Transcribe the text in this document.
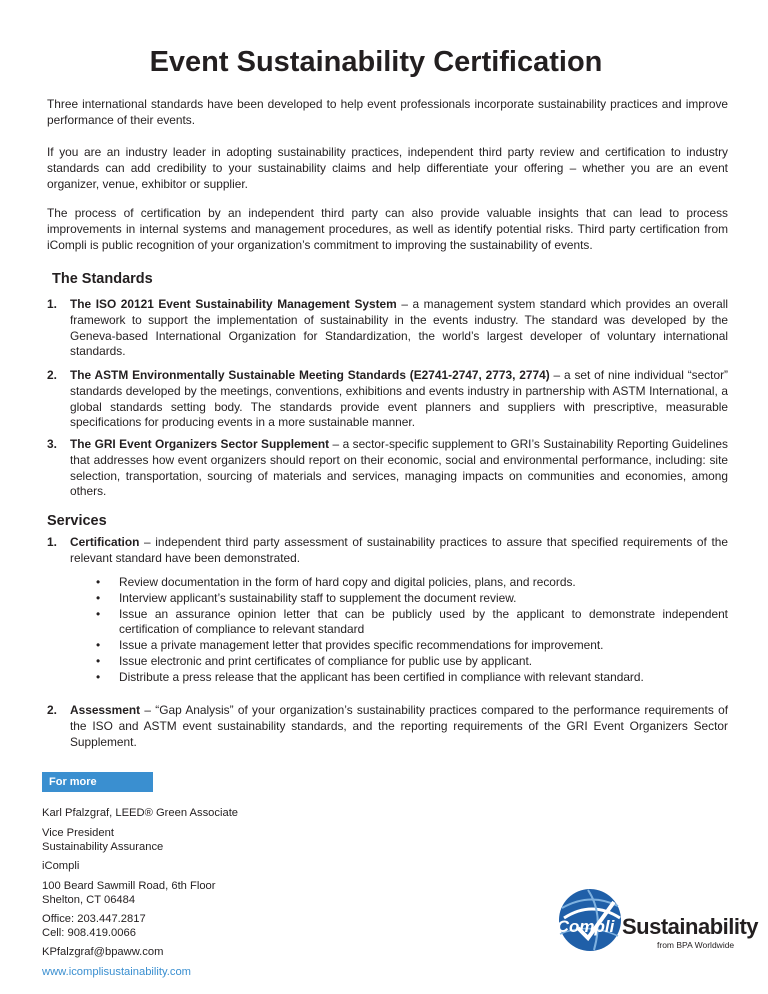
Event Sustainability Certification

Three international standards have been developed to help event professionals incorporate sustainability practices and improve performance of their events.

If you are an industry leader in adopting sustainability practices, independent third party review and certification to industry standards can add credibility to your sustainability claims and help differentiate your offering – whether you are an event organizer, venue, exhibitor or supplier.

The process of certification by an independent third party can also provide valuable insights that can lead to process improvements in internal systems and management procedures, as well as identify potential risks. Third party certification from iCompli is public recognition of your organization’s commitment to improving the sustainability of events.

The Standards
1. The ISO 20121 Event Sustainability Management System – a management system standard which provides an overall framework to support the implementation of sustainability in the events industry. The standard was developed by the Geneva-based International Organization for Standardization, the world’s largest developer of voluntary international standards.
2. The ASTM Environmentally Sustainable Meeting Standards (E2741-2747, 2773, 2774) – a set of nine individual “sector” standards developed by the meetings, conventions, exhibitions and events industry in partnership with ASTM International, a global standards setting body. The standards provide event planners and suppliers with prescriptive, measurable specifications for producing events in a more sustainable manner.
3. The GRI Event Organizers Sector Supplement – a sector-specific supplement to GRI’s Sustainability Reporting Guidelines that addresses how event organizers should report on their economic, social and environmental performance, including: site selection, transportation, sourcing of materials and services, managing impacts on communities and economies, among others.
Services
1. Certification – independent third party assessment of sustainability practices to assure that specified requirements of the relevant standard have been demonstrated.
• Review documentation in the form of hard copy and digital policies, plans, and records.
• Interview applicant’s sustainability staff to supplement the document review.
• Issue an assurance opinion letter that can be publicly used by the applicant to demonstrate independent certification of compliance to relevant standard
• Issue a private management letter that provides specific recommendations for improvement.
• Issue electronic and print certificates of compliance for public use by applicant.
• Distribute a press release that the applicant has been certified in compliance with relevant standard.
2. Assessment – “Gap Analysis” of your organization’s sustainability practices compared to the performance requirements of the ISO and ASTM event sustainability standards, and the reporting requirements of the GRI Event Organizers Sector Supplement.
For more information
Karl Pfalzgraf, LEED® Green Associate
Vice President
Sustainability Assurance
iCompli
100 Beard Sawmill Road, 6th Floor
Shelton, CT 06484
Office: 203.447.2817
Cell: 908.419.0066
KPfalzgraf@bpaww.com
www.icomplisustainability.com
iCompli Sustainability
from BPA Worldwide
